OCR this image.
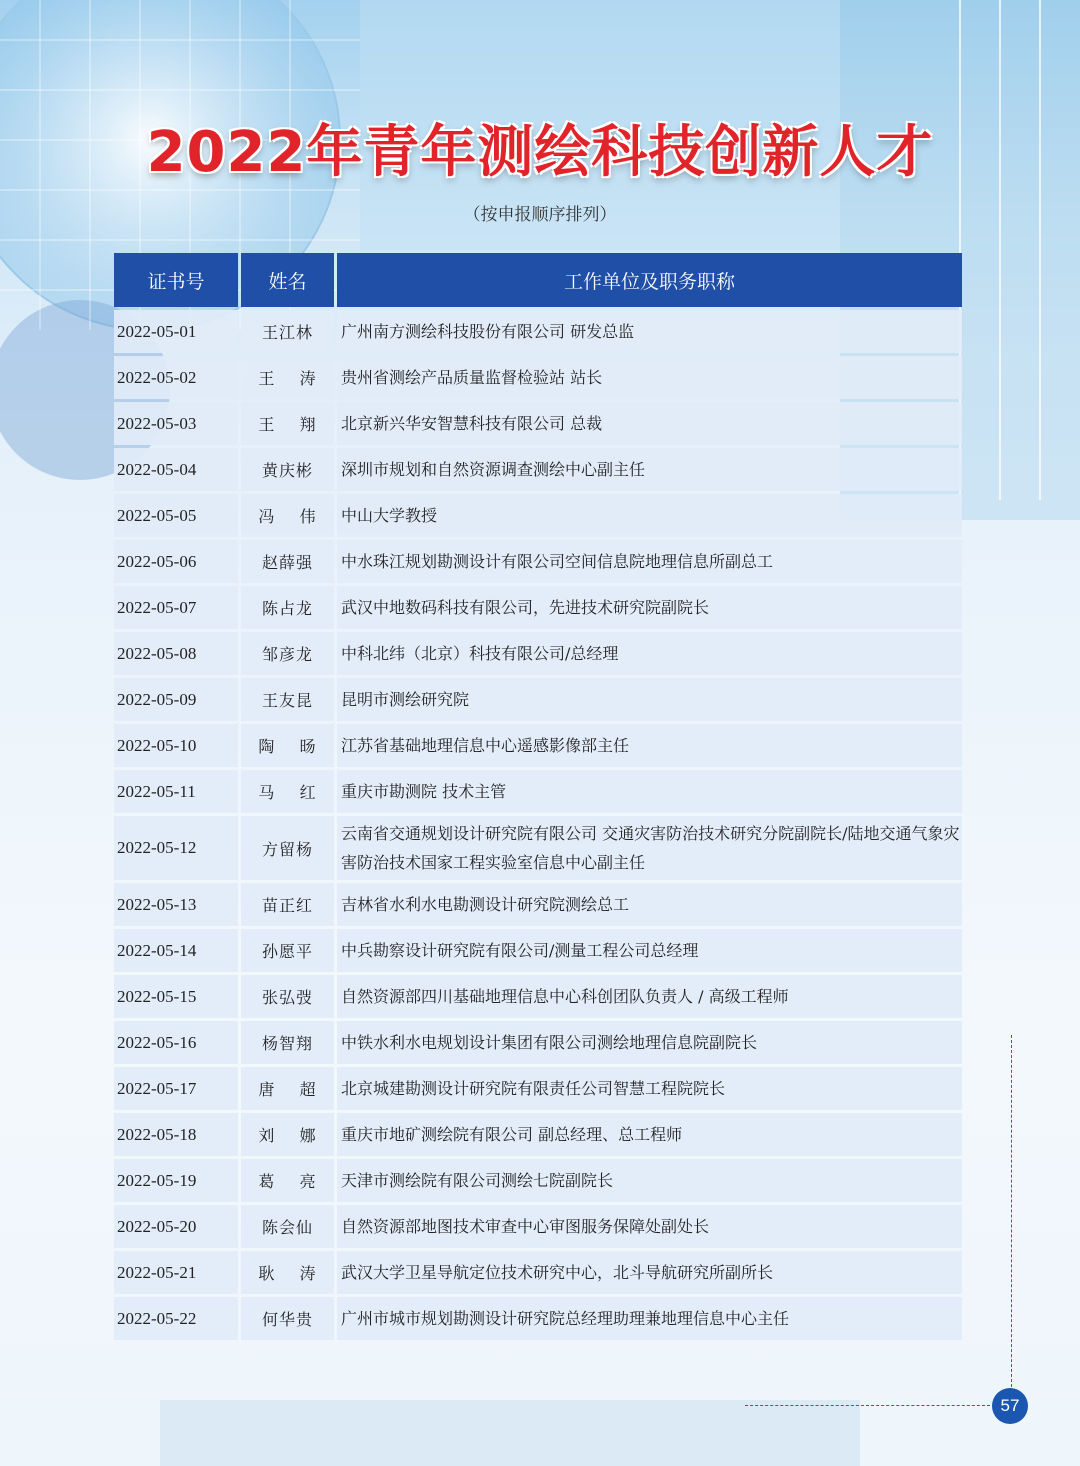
2022年青年测绘科技创新人才
（按申报顺序排列）
证书号	姓名	工作单位及职务职称
2022-05-01	王江林	广州南方测绘科技股份有限公司 研发总监
2022-05-02	王    涛	贵州省测绘产品质量监督检验站 站长
2022-05-03	王    翔	北京新兴华安智慧科技有限公司 总裁
2022-05-04	黄庆彬	深圳市规划和自然资源调查测绘中心副主任
2022-05-05	冯    伟	中山大学教授
2022-05-06	赵薛强	中水珠江规划勘测设计有限公司空间信息院地理信息所副总工
2022-05-07	陈占龙	武汉中地数码科技有限公司，先进技术研究院副院长
2022-05-08	邹彦龙	中科北纬（北京）科技有限公司/总经理
2022-05-09	王友昆	昆明市测绘研究院
2022-05-10	陶    旸	江苏省基础地理信息中心遥感影像部主任
2022-05-11	马    红	重庆市勘测院 技术主管
2022-05-12	方留杨	云南省交通规划设计研究院有限公司 交通灾害防治技术研究分院副院长/陆地交通气象灾害防治技术国家工程实验室信息中心副主任
2022-05-13	苗正红	吉林省水利水电勘测设计研究院测绘总工
2022-05-14	孙愿平	中兵勘察设计研究院有限公司/测量工程公司总经理
2022-05-15	张弘弢	自然资源部四川基础地理信息中心科创团队负责人 / 高级工程师
2022-05-16	杨智翔	中铁水利水电规划设计集团有限公司测绘地理信息院副院长
2022-05-17	唐    超	北京城建勘测设计研究院有限责任公司智慧工程院院长
2022-05-18	刘    娜	重庆市地矿测绘院有限公司 副总经理、总工程师
2022-05-19	葛    亮	天津市测绘院有限公司测绘七院副院长
2022-05-20	陈会仙	自然资源部地图技术审查中心审图服务保障处副处长
2022-05-21	耿    涛	武汉大学卫星导航定位技术研究中心，北斗导航研究所副所长
2022-05-22	何华贵	广州市城市规划勘测设计研究院总经理助理兼地理信息中心主任
57
